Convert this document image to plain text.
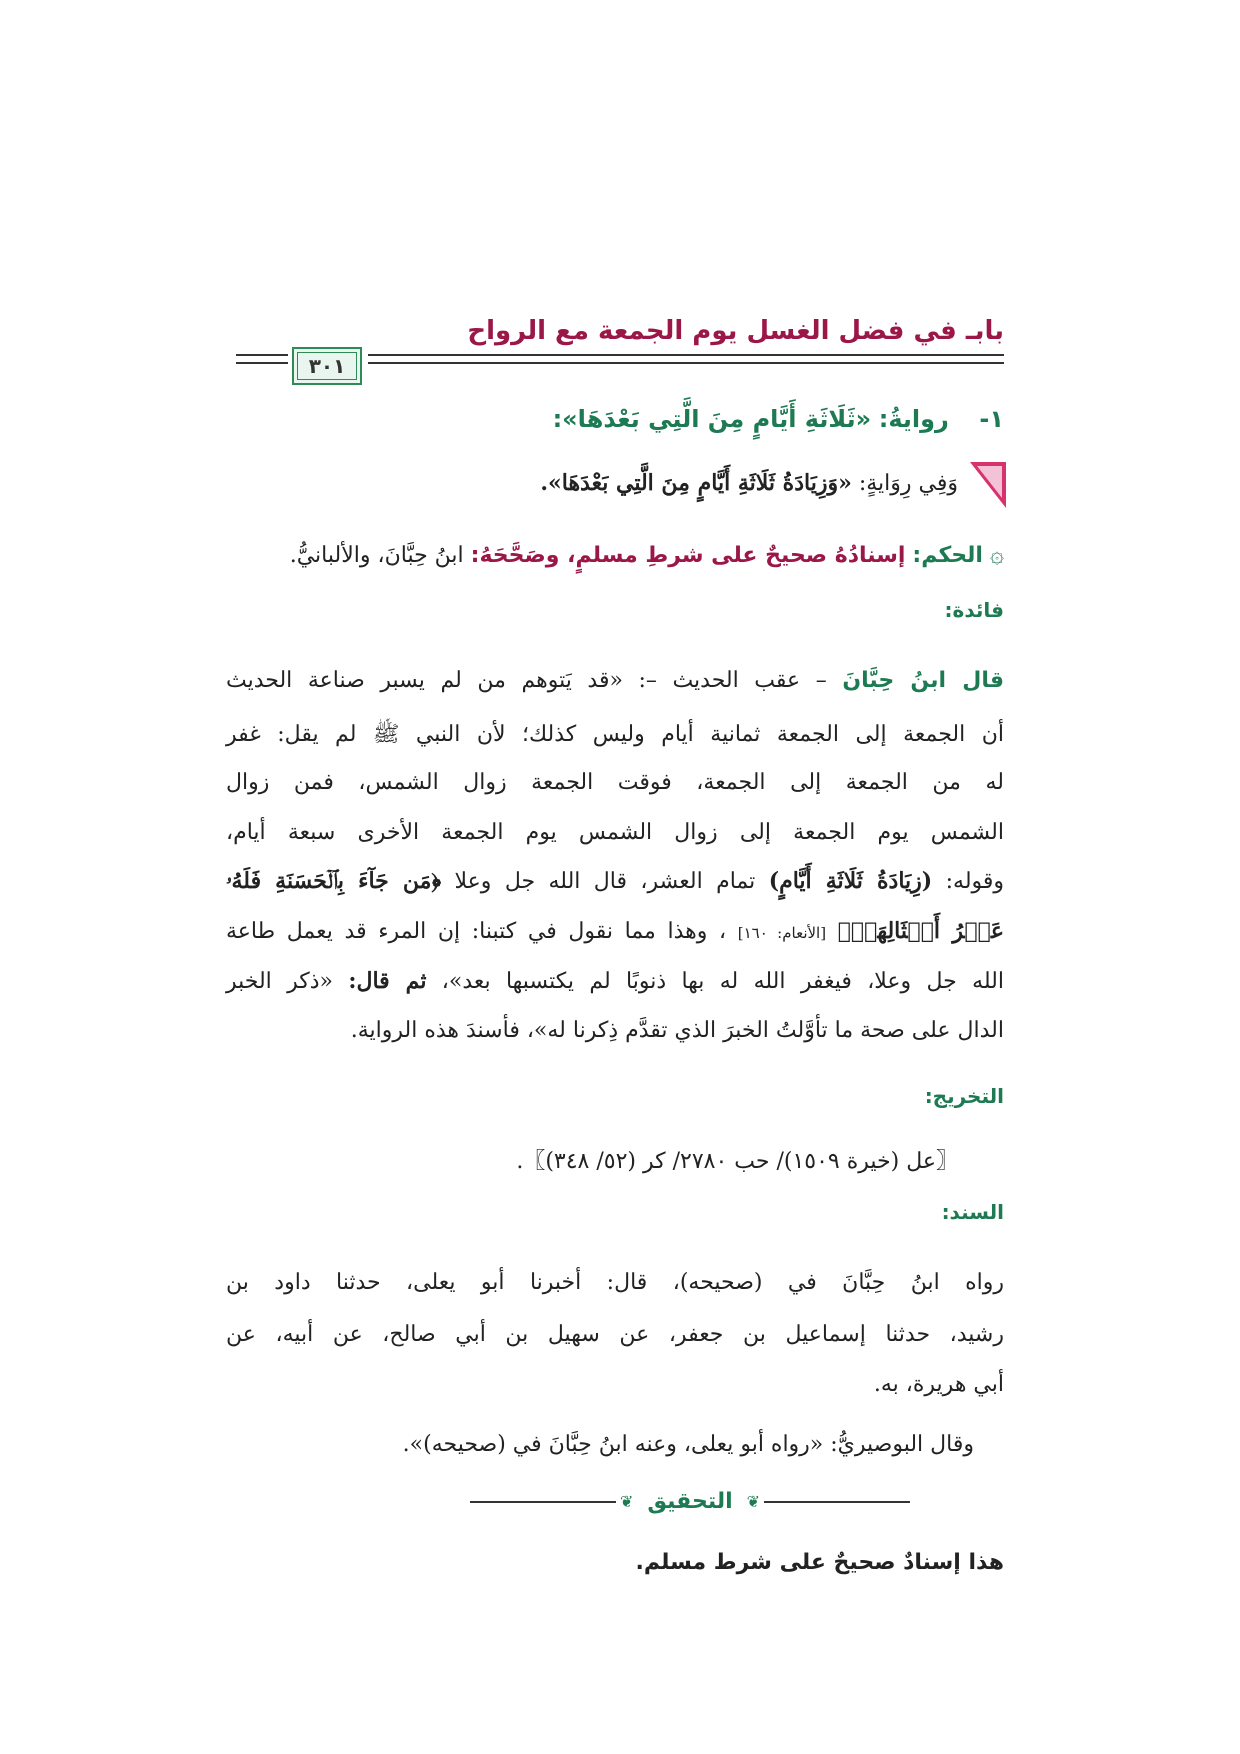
بابـ في فضل الغسل يوم الجمعة مع الرواح
٣٠١
١-    روايةُ: «ثَلَاثَةِ أَيَّامٍ مِنَ الَّتِي بَعْدَهَا»:
وَفِي رِوَايةٍ: «وَزِيَادَةُ ثَلَاثَةِ أَيَّامٍ مِنَ الَّتِي بَعْدَهَا».
۞ الحكم: إسنادُهُ صحيحٌ على شرطِ مسلمٍ، وصَحَّحَهُ: ابنُ حِبَّانَ، والألبانيُّ.
فائدة:
قال ابنُ حِبَّانَ – عقب الحديث –: «قد يَتوهم من لم يسبر صناعة الحديث
أن الجمعة إلى الجمعة ثمانية أيام وليس كذلك؛ لأن النبي ﷺ لم يقل: غفر
له من الجمعة إلى الجمعة، فوقت الجمعة زوال الشمس، فمن زوال
الشمس يوم الجمعة إلى زوال الشمس يوم الجمعة الأخرى سبعة أيام،
وقوله: (زِيَادَةُ ثَلَاثَةِ أَيَّامٍ) تمام العشر، قال الله جل وعلا ﴿مَن جَآءَ بِٱلۡحَسَنَةِ فَلَهُۥ
عَشۡرُ أَمۡثَالِهَاۖ﴾ [الأنعام: ١٦٠] ، وهذا مما نقول في كتبنا: إن المرء قد يعمل طاعة
الله جل وعلا، فيغفر الله له بها ذنوبًا لم يكتسبها بعد»، ثم قال: «ذكر الخبر
الدال على صحة ما تأوَّلتُ الخبرَ الذي تقدَّم ذِكرنا له»، فأسندَ هذه الرواية.
التخريج:
〖عل (خيرة ١٥٠٩)/ حب ٢٧٨٠/ كر (٥٢/ ٣٤٨)〗.
السند:
رواه ابنُ حِبَّانَ في (صحيحه)، قال: أخبرنا أبو يعلى، حدثنا داود بن
رشيد، حدثنا إسماعيل بن جعفر، عن سهيل بن أبي صالح، عن أبيه، عن
أبي هريرة، به.
وقال البوصيريُّ: «رواه أبو يعلى، وعنه ابنُ حِبَّانَ في (صحيحه)».
❦
التحقيق
❦
هذا إسنادٌ صحيحٌ على شرط مسلم.
